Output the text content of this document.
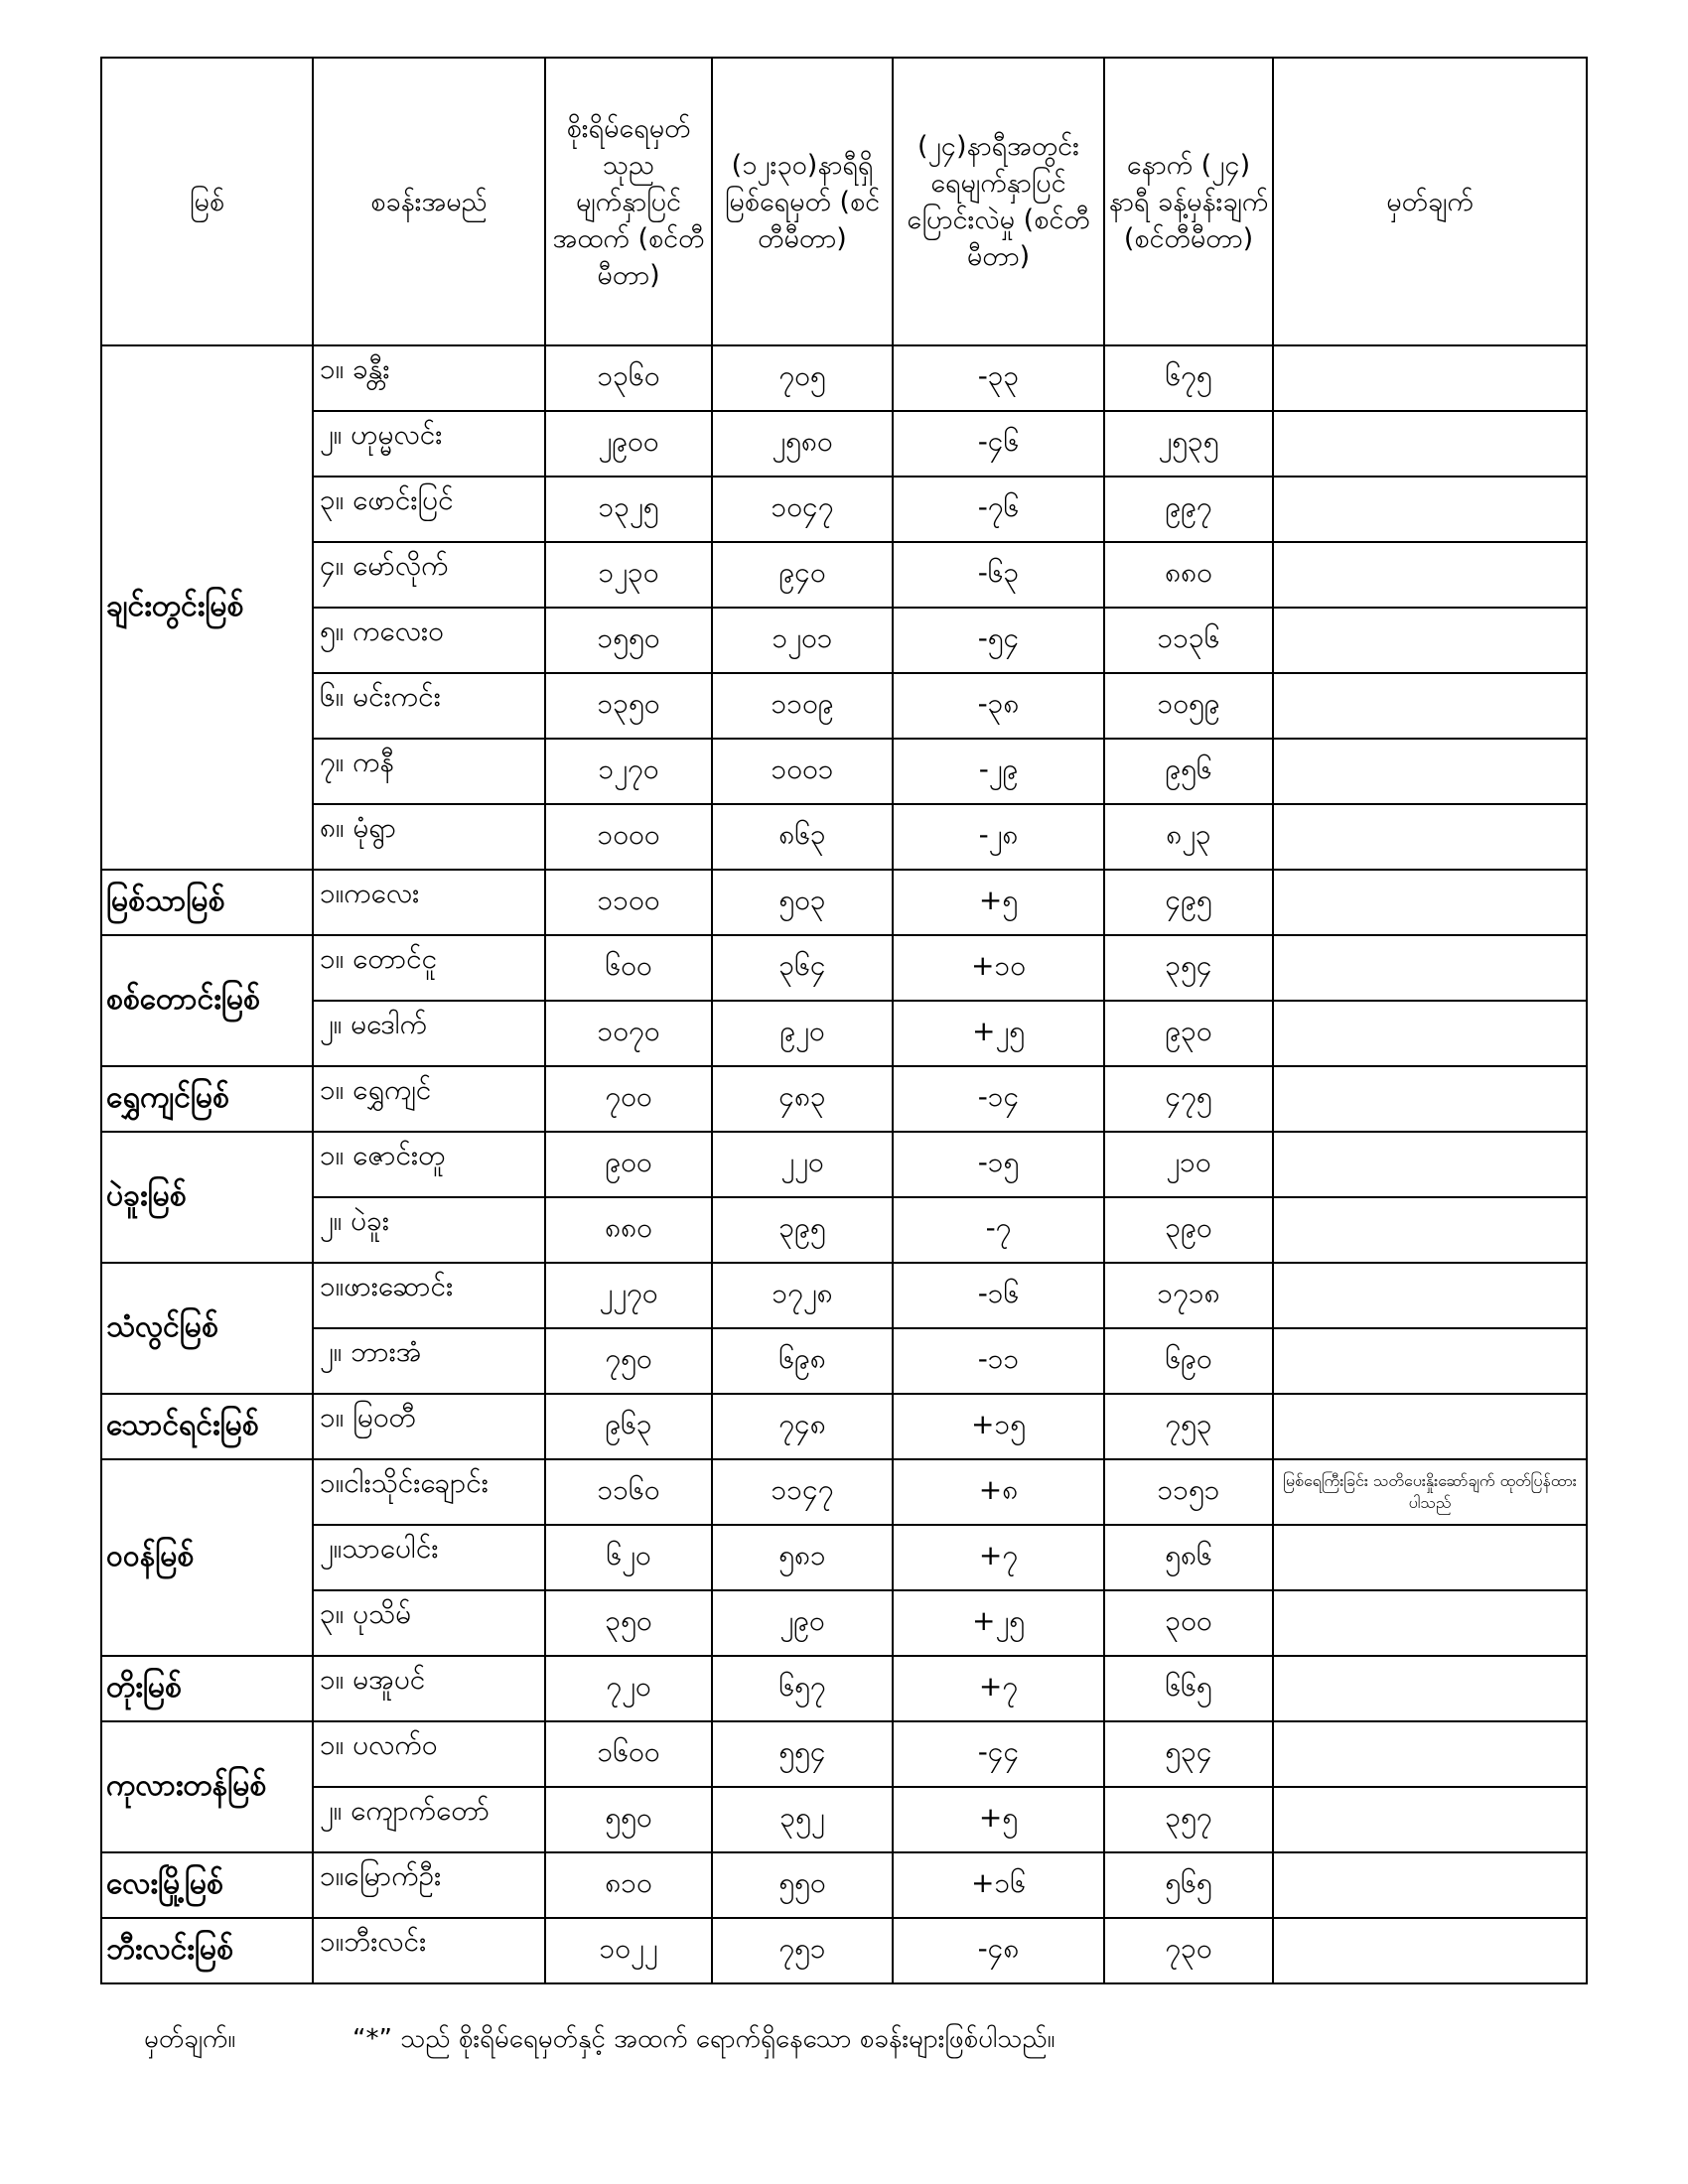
မြစ်	စခန်းအမည်	စိုးရိမ်ရေမှတ် သုည မျက်နှာပြင် အထက် (စင်တီမီတာ)	(၁၂း၃၀)နာရီရှိ မြစ်ရေမှတ် (စင်တီမီတာ)	(၂၄)နာရီအတွင်း ရေမျက်နှာပြင် ပြောင်းလဲမှု (စင်တီမီတာ)	နောက် (၂၄) နာရီ ခန့်မှန်းချက် (စင်တီမီတာ)	မှတ်ချက်
ချင်းတွင်းမြစ်	၁။ ခန္တီး	၁၃၆၀	၇၀၅	-၃၃	၆၇၅	
	၂။ ဟုမ္မလင်း	၂၉၀၀	၂၅၈၀	-၄၆	၂၅၃၅	
	၃။ ဖောင်းပြင်	၁၃၂၅	၁၀၄၇	-၇၆	၉၉၇	
	၄။ မော်လိုက်	၁၂၃၀	၉၄၀	-၆၃	၈၈၀	
	၅။ ကလေးဝ	၁၅၅၀	၁၂၀၁	-၅၄	၁၁၃၆	
	၆။ မင်းကင်း	၁၃၅၀	၁၁၀၉	-၃၈	၁၀၅၉	
	၇။ ကနီ	၁၂၇၀	၁၀၀၁	-၂၉	၉၅၆	
	၈။ မုံရွာ	၁၀၀၀	၈၆၃	-၂၈	၈၂၃	
မြစ်သာမြစ်	၁။ကလေး	၁၁၀၀	၅၀၃	+၅	၄၉၅	
စစ်တောင်းမြစ်	၁။ တောင်ငူ	၆၀၀	၃၆၄	+၁၀	၃၅၄	
	၂။ မဒေါက်	၁၀၇၀	၉၂၀	+၂၅	၉၃၀	
ရွှေကျင်မြစ်	၁။ ရွှေကျင်	၇၀၀	၄၈၃	-၁၄	၄၇၅	
ပဲခူးမြစ်	၁။ ဇောင်းတူ	၉၀၀	၂၂၀	-၁၅	၂၁၀	
	၂။ ပဲခူး	၈၈၀	၃၉၅	-၇	၃၉၀	
သံလွင်မြစ်	၁။ဖားဆောင်း	၂၂၇၀	၁၇၂၈	-၁၆	၁၇၁၈	
	၂။ ဘားအံ	၇၅၀	၆၉၈	-၁၁	၆၉၀	
သောင်ရင်းမြစ်	၁။ မြဝတီ	၉၆၃	၇၄၈	+၁၅	၇၅၃	
ဝဝန်မြစ်	၁။ငါးသိုင်းချောင်း	၁၁၆၀	၁၁၄၇	+၈	၁၁၅၁	မြစ်ရေကြီးခြင်း သတိပေးနှိုးဆော်ချက် ထုတ်ပြန်ထားပါသည်
	၂။သာပေါင်း	၆၂၀	၅၈၁	+၇	၅၈၆	
	၃။ ပုသိမ်	၃၅၀	၂၉၀	+၂၅	၃၀၀	
တိုးမြစ်	၁။ မအူပင်	၇၂၀	၆၅၇	+၇	၆၆၅	
ကုလားတန်မြစ်	၁။ ပလက်ဝ	၁၆၀၀	၅၅၄	-၄၄	၅၃၄	
	၂။ ကျောက်တော်	၅၅၀	၃၅၂	+၅	၃၅၇	
လေးမြို့မြစ်	၁။မြောက်ဦး	၈၁၀	၅၅၀	+၁၆	၅၆၅	
ဘီးလင်းမြစ်	၁။ဘီးလင်း	၁၀၂၂	၇၅၁	-၄၈	၇၃၀	
မှတ်ချက်။	“*” သည် စိုးရိမ်ရေမှတ်နှင့် အထက် ရောက်ရှိနေသော စခန်းများဖြစ်ပါသည်။
